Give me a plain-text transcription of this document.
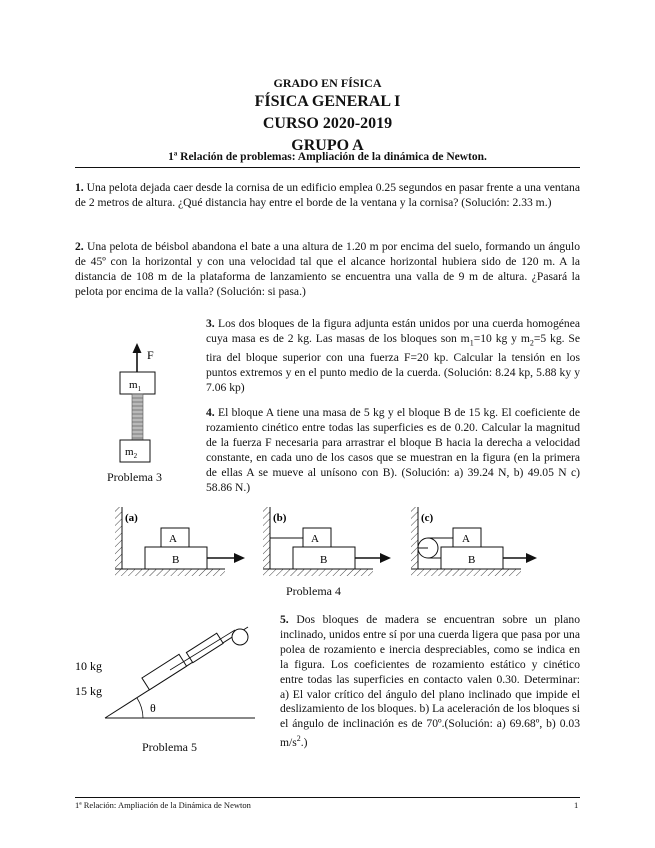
GRADO EN FÍSICA
FÍSICA GENERAL I
CURSO 2020-2019
GRUPO A
1ª Relación de problemas: Ampliación de la dinámica de Newton.
1. Una pelota dejada caer desde la cornisa de un edificio emplea 0.25 segundos en pasar frente a una ventana de 2 metros de altura. ¿Qué distancia hay entre el borde de la ventana y la cornisa? (Solución: 2.33 m.)
2. Una pelota de béisbol abandona el bate a una altura de 1.20 m por encima del suelo, formando un ángulo de 45º con la horizontal y con una velocidad tal que el alcance horizontal hubiera sido de 120 m. A la distancia de 108 m de la plataforma de lanzamiento se encuentra una valla de 9 m de altura. ¿Pasará la pelota por encima de la valla? (Solución: si pasa.)
3. Los dos bloques de la figura adjunta están unidos por una cuerda homogénea cuya masa es de 2 kg. Las masas de los bloques son $m_1=10$ kg y $m_2=5$ kg. Se tira del bloque superior con una fuerza F=20 kp. Calcular la tensión en los puntos extremos y en el punto medio de la cuerda. (Solución: 8.24 kp, 5.88 ky y 7.06 kp)
4. El bloque A tiene una masa de 5 kg y el bloque B de 15 kg. El coeficiente de rozamiento cinético entre todas las superficies es de 0.20. Calcular la magnitud de la fuerza F necesaria para arrastrar el bloque B hacia la derecha a velocidad constante, en cada uno de los casos que se muestran en la figura (en la primera de ellas A se mueve al unísono con B). (Solución: a) 39.24 N, b) 49.05 N c) 58.86 N.)
F
$m_1$
$m_2$
Problema 3
(a)
A
B
(b)
A
B
(c)
A
B
Problema 4
5. Dos bloques de madera se encuentran sobre un plano inclinado, unidos entre sí por una cuerda ligera que pasa por una polea de rozamiento e inercia despreciables, como se indica en la figura. Los coeficientes de rozamiento estático y cinético entre todas las superficies en contacto valen 0.30. Determinar: a) El valor crítico del ángulo del plano inclinado que impide el deslizamiento de los bloques. b) La aceleración de los bloques si el ángulo de inclinación es de 70º.(Solución: a) 69.68º, b) 0.03 $m/s^2$.)
θ
10 kg
15 kg
Problema 5
1ª Relación: Ampliación de la Dinámica de Newton	1
